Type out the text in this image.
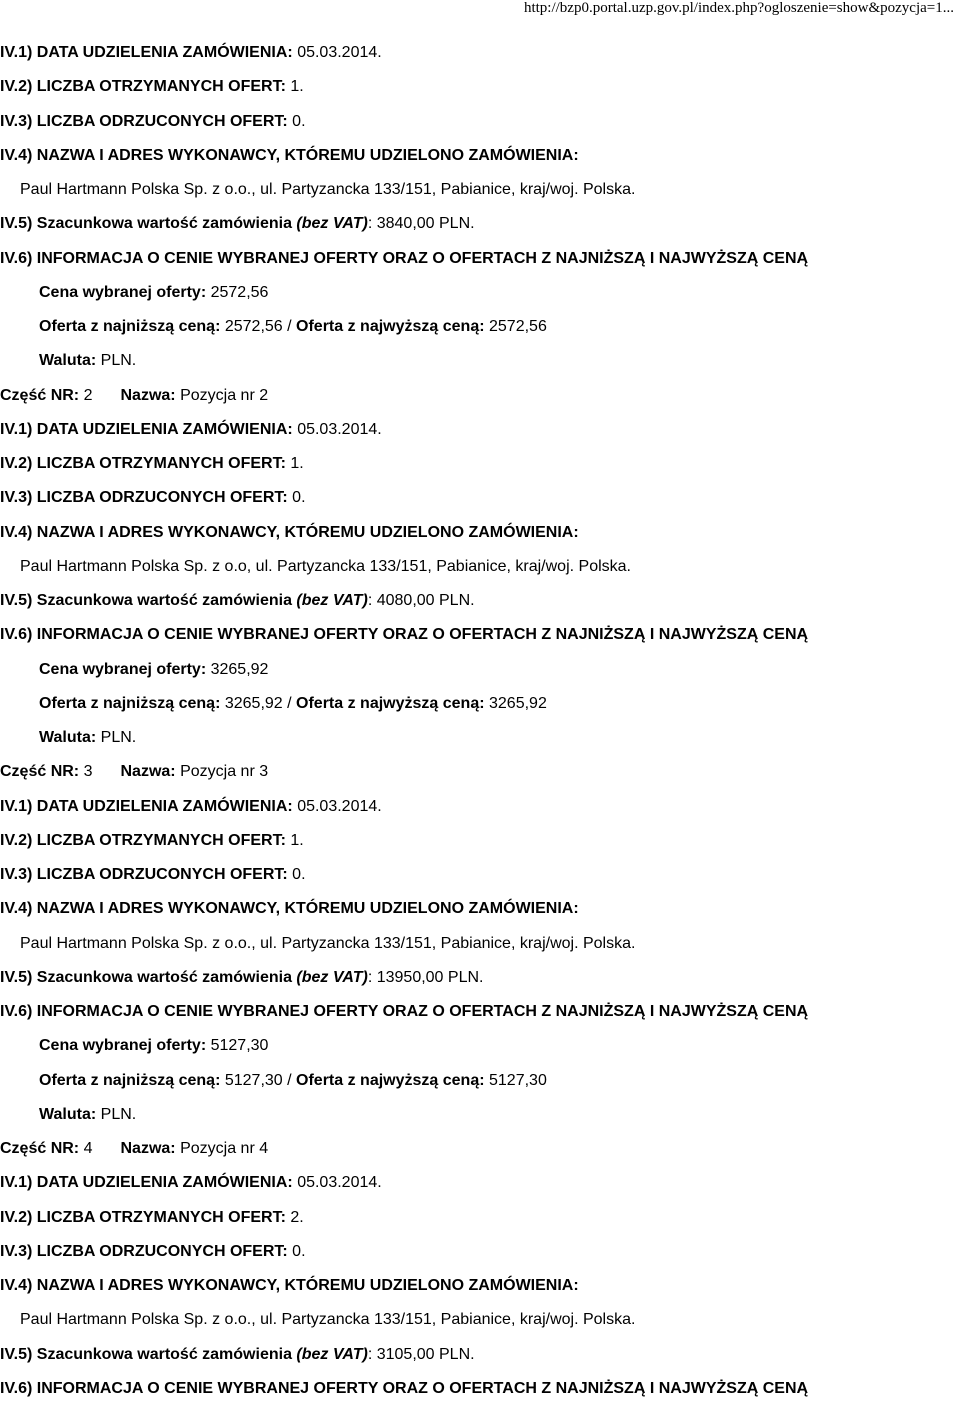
http://bzp0.portal.uzp.gov.pl/index.php?ogloszenie=show&pozycja=1...
IV.1) DATA UDZIELENIA ZAMÓWIENIA: 05.03.2014.
IV.2) LICZBA OTRZYMANYCH OFERT: 1.
IV.3) LICZBA ODRZUCONYCH OFERT: 0.
IV.4) NAZWA I ADRES WYKONAWCY, KTÓREMU UDZIELONO ZAMÓWIENIA:
Paul Hartmann Polska Sp. z o.o., ul. Partyzancka 133/151, Pabianice, kraj/woj. Polska.
IV.5) Szacunkowa wartość zamówienia (bez VAT): 3840,00 PLN.
IV.6) INFORMACJA O CENIE WYBRANEJ OFERTY ORAZ O OFERTACH Z NAJNIŻSZĄ I NAJWYŻSZĄ CENĄ
Cena wybranej oferty: 2572,56
Oferta z najniższą ceną: 2572,56 / Oferta z najwyższą ceną: 2572,56
Waluta: PLN.
Część NR: 2 Nazwa: Pozycja nr 2
IV.1) DATA UDZIELENIA ZAMÓWIENIA: 05.03.2014.
IV.2) LICZBA OTRZYMANYCH OFERT: 1.
IV.3) LICZBA ODRZUCONYCH OFERT: 0.
IV.4) NAZWA I ADRES WYKONAWCY, KTÓREMU UDZIELONO ZAMÓWIENIA:
Paul Hartmann Polska Sp. z o.o, ul. Partyzancka 133/151, Pabianice, kraj/woj. Polska.
IV.5) Szacunkowa wartość zamówienia (bez VAT): 4080,00 PLN.
IV.6) INFORMACJA O CENIE WYBRANEJ OFERTY ORAZ O OFERTACH Z NAJNIŻSZĄ I NAJWYŻSZĄ CENĄ
Cena wybranej oferty: 3265,92
Oferta z najniższą ceną: 3265,92 / Oferta z najwyższą ceną: 3265,92
Waluta: PLN.
Część NR: 3 Nazwa: Pozycja nr 3
IV.1) DATA UDZIELENIA ZAMÓWIENIA: 05.03.2014.
IV.2) LICZBA OTRZYMANYCH OFERT: 1.
IV.3) LICZBA ODRZUCONYCH OFERT: 0.
IV.4) NAZWA I ADRES WYKONAWCY, KTÓREMU UDZIELONO ZAMÓWIENIA:
Paul Hartmann Polska Sp. z o.o., ul. Partyzancka 133/151, Pabianice, kraj/woj. Polska.
IV.5) Szacunkowa wartość zamówienia (bez VAT): 13950,00 PLN.
IV.6) INFORMACJA O CENIE WYBRANEJ OFERTY ORAZ O OFERTACH Z NAJNIŻSZĄ I NAJWYŻSZĄ CENĄ
Cena wybranej oferty: 5127,30
Oferta z najniższą ceną: 5127,30 / Oferta z najwyższą ceną: 5127,30
Waluta: PLN.
Część NR: 4 Nazwa: Pozycja nr 4
IV.1) DATA UDZIELENIA ZAMÓWIENIA: 05.03.2014.
IV.2) LICZBA OTRZYMANYCH OFERT: 2.
IV.3) LICZBA ODRZUCONYCH OFERT: 0.
IV.4) NAZWA I ADRES WYKONAWCY, KTÓREMU UDZIELONO ZAMÓWIENIA:
Paul Hartmann Polska Sp. z o.o., ul. Partyzancka 133/151, Pabianice, kraj/woj. Polska.
IV.5) Szacunkowa wartość zamówienia (bez VAT): 3105,00 PLN.
IV.6) INFORMACJA O CENIE WYBRANEJ OFERTY ORAZ O OFERTACH Z NAJNIŻSZĄ I NAJWYŻSZĄ CENĄ
